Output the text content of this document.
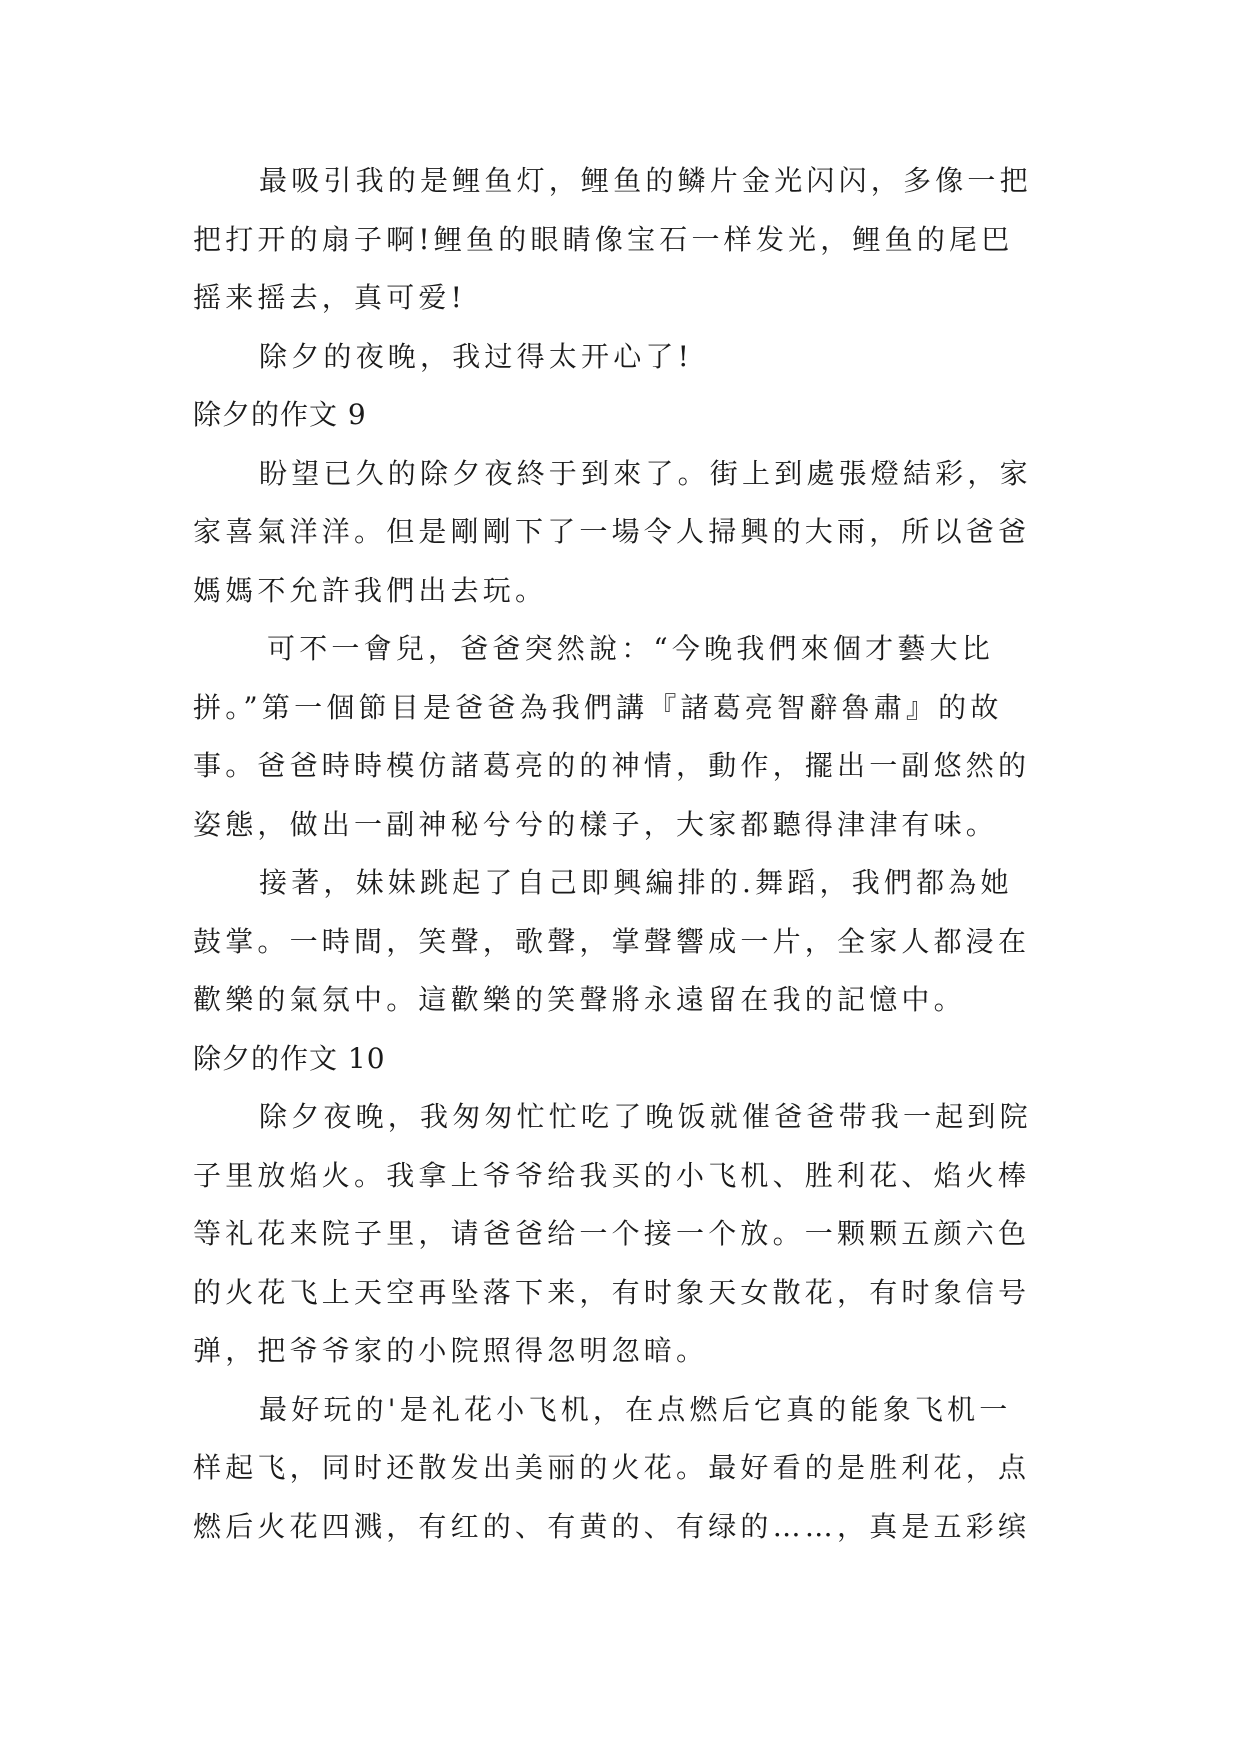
最吸引我的是鲤鱼灯，鲤鱼的鳞片金光闪闪，多像一把
把打开的扇子啊!鲤鱼的眼睛像宝石一样发光，鲤鱼的尾巴
摇来摇去，真可爱!
除夕的夜晚，我过得太开心了!
除夕的作文 9
盼望已久的除夕夜終于到來了。街上到處張燈結彩，家
家喜氣洋洋。但是剛剛下了一場令人掃興的大雨，所以爸爸
媽媽不允許我們出去玩。
可不一會兒，爸爸突然說：“今晚我們來個才藝大比
拼。”第一個節目是爸爸為我們講『諸葛亮智辭魯肅』的故
事。爸爸時時模仿諸葛亮的的神情，動作，擺出一副悠然的
姿態，做出一副神秘兮兮的樣子，大家都聽得津津有味。
接著，妹妹跳起了自己即興編排的.舞蹈，我們都為她
鼓掌。一時間，笑聲，歌聲，掌聲響成一片，全家人都浸在
歡樂的氣氛中。這歡樂的笑聲將永遠留在我的記憶中。
除夕的作文 10
除夕夜晚，我匆匆忙忙吃了晚饭就催爸爸带我一起到院
子里放焰火。我拿上爷爷给我买的小飞机、胜利花、焰火棒
等礼花来院子里，请爸爸给一个接一个放。一颗颗五颜六色
的火花飞上天空再坠落下来，有时象天女散花，有时象信号
弹，把爷爷家的小院照得忽明忽暗。
最好玩的'是礼花小飞机，在点燃后它真的能象飞机一
样起飞，同时还散发出美丽的火花。最好看的是胜利花，点
燃后火花四溅，有红的、有黄的、有绿的……，真是五彩缤
